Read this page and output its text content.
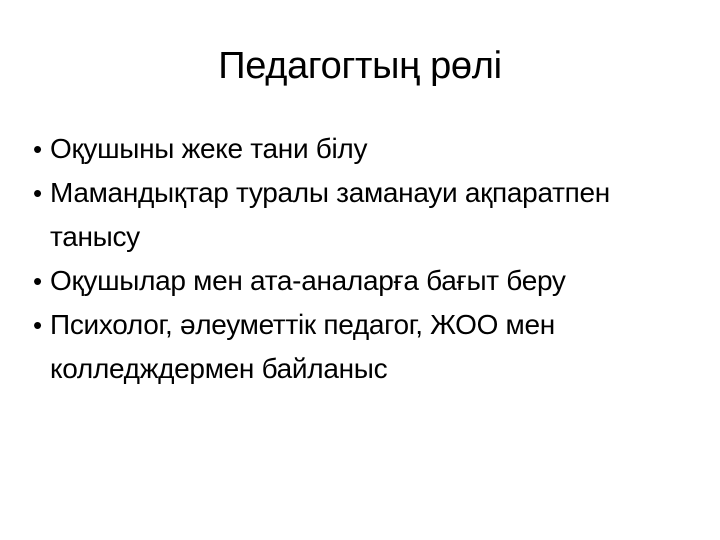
Педагогтың рөлі
• Оқушыны жеке тани білу
• Мамандықтар туралы заманауи ақпаратпен танысу
• Оқушылар мен ата-аналарға бағыт беру
• Психолог, әлеуметтік педагог, ЖОО мен колледждермен байланыс
